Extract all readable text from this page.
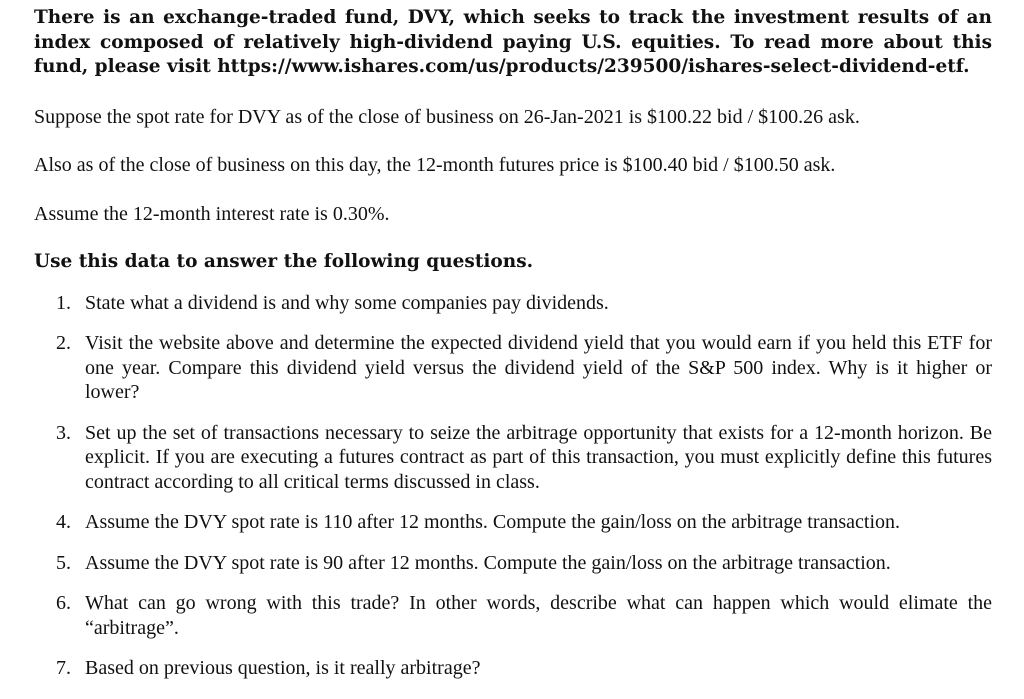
There is an exchange-traded fund, DVY, which seeks to track the investment results of an index composed of relatively high-dividend paying U.S. equities. To read more about this fund, please visit https://www.ishares.com/us/products/239500/ishares-select-dividend-etf.

Suppose the spot rate for DVY as of the close of business on 26-Jan-2021 is $100.22 bid / $100.26 ask.

Also as of the close of business on this day, the 12-month futures price is $100.40 bid / $100.50 ask.

Assume the 12-month interest rate is 0.30%.

Use this data to answer the following questions.

1. State what a dividend is and why some companies pay dividends.
2. Visit the website above and determine the expected dividend yield that you would earn if you held this ETF for one year. Compare this dividend yield versus the dividend yield of the S&P 500 index. Why is it higher or lower?
3. Set up the set of transactions necessary to seize the arbitrage opportunity that exists for a 12-month horizon. Be explicit. If you are executing a futures contract as part of this transaction, you must explicitly define this futures contract according to all critical terms discussed in class.
4. Assume the DVY spot rate is 110 after 12 months. Compute the gain/loss on the arbitrage transaction.
5. Assume the DVY spot rate is 90 after 12 months. Compute the gain/loss on the arbitrage transaction.
6. What can go wrong with this trade? In other words, describe what can happen which would elimate the “arbitrage”.
7. Based on previous question, is it really arbitrage?
